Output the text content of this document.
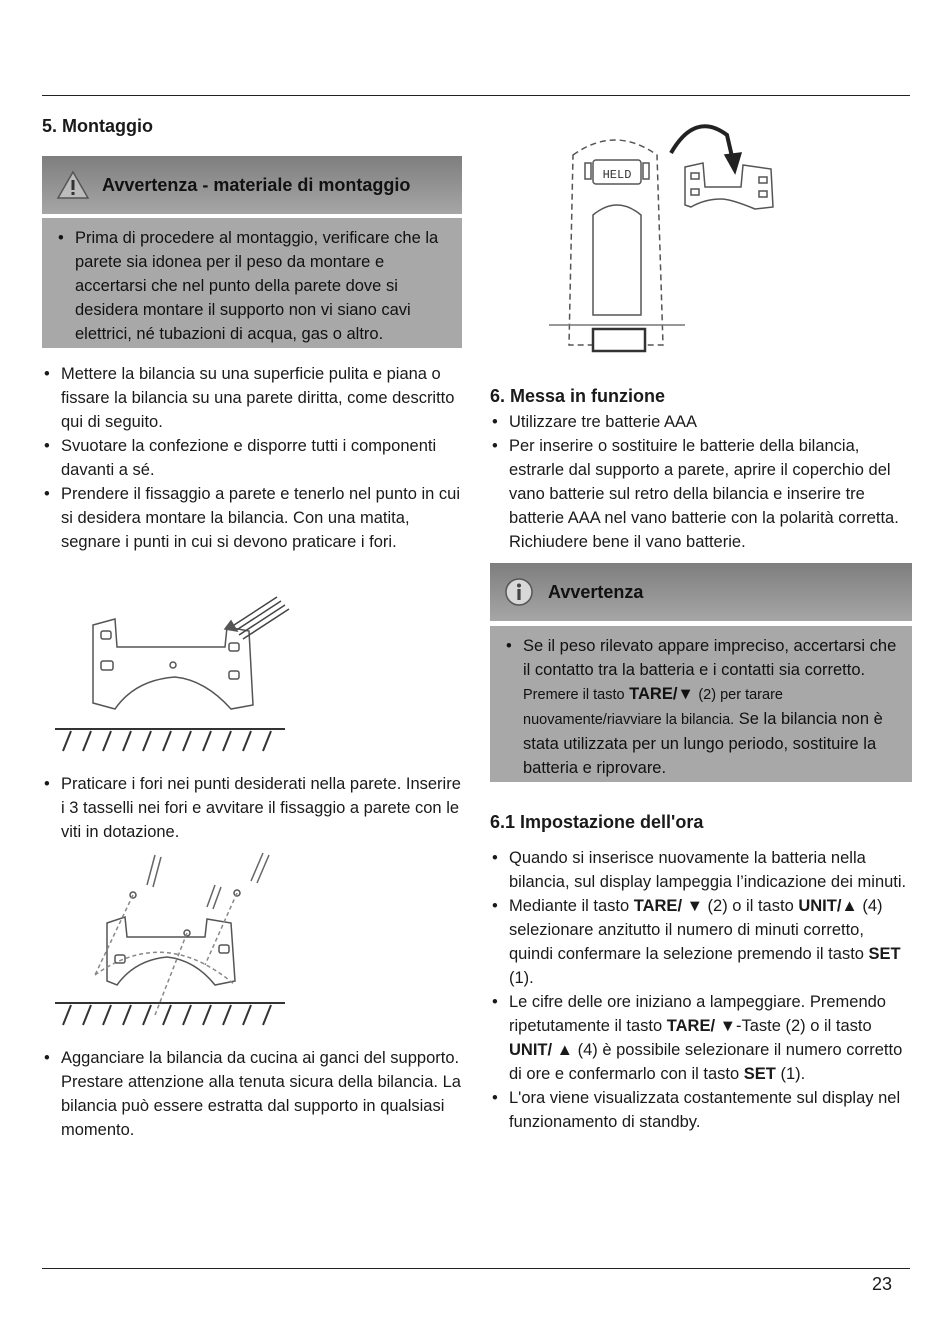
5. Montaggio
Avvertenza - materiale di montaggio
• Prima di procedere al montaggio, verificare che la parete sia idonea per il peso da montare e accertarsi che nel punto della parete dove si desidera montare il supporto non vi siano cavi elettrici, né tubazioni di acqua, gas o altro.
• Mettere la bilancia su una superficie pulita e piana o fissare la bilancia su una parete diritta, come descritto qui di seguito.
• Svuotare la confezione e disporre tutti i componenti davanti a sé.
• Prendere il fissaggio a parete e tenerlo nel punto in cui si desidera montare la bilancia. Con una matita, segnare i punti in cui si devono praticare i fori.
• Praticare i fori nei punti desiderati nella parete. Inserire i 3 tasselli nei fori e avvitare il fissaggio a parete con le viti in dotazione.
• Agganciare la bilancia da cucina ai ganci del supporto. Prestare attenzione alla tenuta sicura della bilancia. La bilancia può essere estratta dal supporto in qualsiasi momento.
HELD
6. Messa in funzione
• Utilizzare tre batterie AAA
• Per inserire o sostituire le batterie della bilancia, estrarle dal supporto a parete, aprire il coperchio del vano batterie sul retro della bilancia e inserire tre batterie AAA nel vano batterie con la polarità corretta. Richiudere bene il vano batterie.
Avvertenza
• Se il peso rilevato appare impreciso, accertarsi che il contatto tra la batteria e i contatti sia corretto. Premere il tasto TARE/▼ (2) per tarare nuovamente/riavviare la bilancia. Se la bilancia non è stata utilizzata per un lungo periodo, sostituire la batteria e riprovare.
6.1 Impostazione dell'ora
• Quando si inserisce nuovamente la batteria nella bilancia, sul display lampeggia l’indicazione dei minuti.
• Mediante il tasto TARE/ ▼ (2) o il tasto UNIT/▲ (4) selezionare anzitutto il numero di minuti corretto, quindi confermare la selezione premendo il tasto SET (1).
• Le cifre delle ore iniziano a lampeggiare. Premendo ripetutamente il tasto TARE/ ▼-Taste (2) o il tasto UNIT/ ▲ (4) è possibile selezionare il numero corretto di ore e confermarlo con il tasto SET (1).
• L'ora viene visualizzata costantemente sul display nel funzionamento di standby.
23
